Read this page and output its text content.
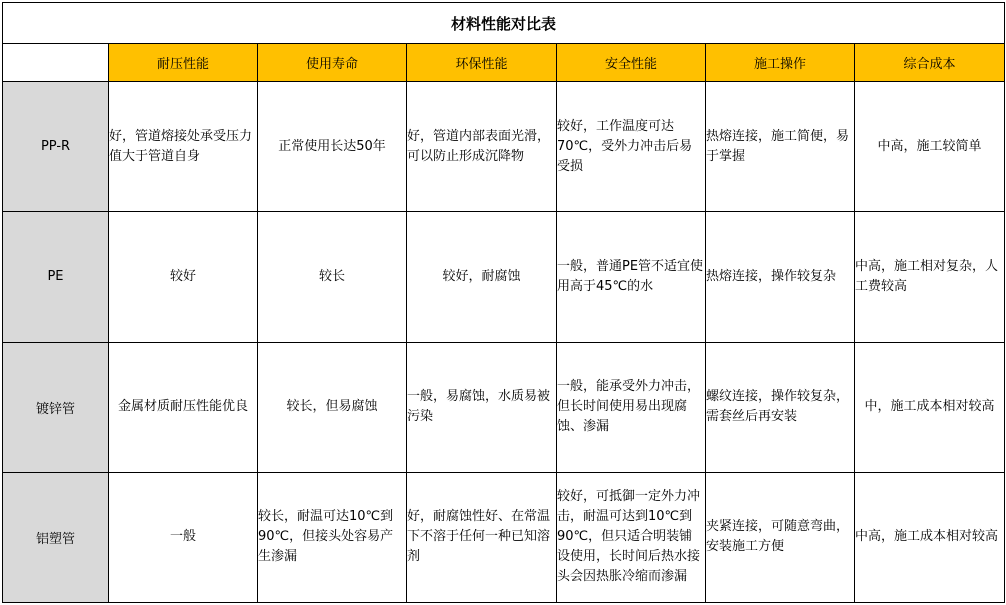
材料性能对比表						
	耐压性能	使用寿命	环保性能	安全性能	施工操作	综合成本
PP-R	好，管道熔接处承受压力值大于管道自身	正常使用长达50年	好，管道内部表面光滑，可以防止形成沉降物	较好，工作温度可达70℃，受外力冲击后易受损	热熔连接，施工简便，易于掌握	中高，施工较简单
PE	较好	较长	较好，耐腐蚀	一般，普通PE管不适宜使用高于45℃的水	热熔连接，操作较复杂	中高，施工相对复杂，人工费较高
镀锌管	金属材质耐压性能优良	较长，但易腐蚀	一般，易腐蚀，水质易被污染	一般，能承受外力冲击，但长时间使用易出现腐蚀、渗漏	螺纹连接，操作较复杂，需套丝后再安装	中，施工成本相对较高
铝塑管	一般	较长，耐温可达10℃到90℃，但接头处容易产生渗漏	好，耐腐蚀性好、在常温下不溶于任何一种已知溶剂	较好，可抵御一定外力冲击，耐温可达到10℃到90℃，但只适合明装铺设使用，长时间后热水接头会因热胀冷缩而渗漏	夹紧连接，可随意弯曲，安装施工方便	中高，施工成本相对较高
